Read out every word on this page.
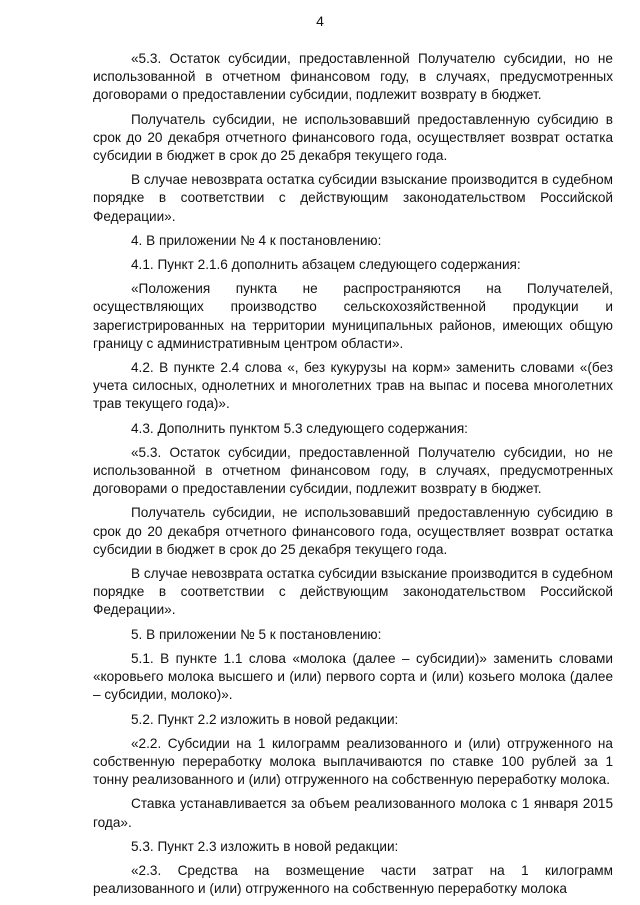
4

«5.3. Остаток субсидии, предоставленной Получателю субсидии, но не использованной в отчетном финансовом году, в случаях, предусмотренных договорами о предоставлении субсидии, подлежит возврату в бюджет.

Получатель субсидии, не использовавший предоставленную субсидию в срок до 20 декабря отчетного финансового года, осуществляет возврат остатка субсидии в бюджет в срок до 25 декабря текущего года.

В случае невозврата остатка субсидии взыскание производится в судебном порядке в соответствии с действующим законодательством Российской Федерации».

4. В приложении № 4 к постановлению:

4.1. Пункт 2.1.6 дополнить абзацем следующего содержания:

«Положения пункта не распространяются на Получателей, осуществляющих производство сельскохозяйственной продукции и зарегистрированных на территории муниципальных районов, имеющих общую границу с административным центром области».

4.2. В пункте 2.4 слова «, без кукурузы на корм» заменить словами «(без учета силосных, однолетних и многолетних трав на выпас и посева многолетних трав текущего года)».

4.3. Дополнить пунктом 5.3 следующего содержания:

«5.3. Остаток субсидии, предоставленной Получателю субсидии, но не использованной в отчетном финансовом году, в случаях, предусмотренных договорами о предоставлении субсидии, подлежит возврату в бюджет.

Получатель субсидии, не использовавший предоставленную субсидию в срок до 20 декабря отчетного финансового года, осуществляет возврат остатка субсидии в бюджет в срок до 25 декабря текущего года.

В случае невозврата остатка субсидии взыскание производится в судебном порядке в соответствии с действующим законодательством Российской Федерации».

5. В приложении № 5 к постановлению:

5.1. В пункте 1.1 слова «молока (далее – субсидии)» заменить словами «коровьего молока высшего и (или) первого сорта и (или) козьего молока (далее – субсидии, молоко)».

5.2. Пункт 2.2 изложить в новой редакции:

«2.2. Субсидии на 1 килограмм реализованного и (или) отгруженного на собственную переработку молока выплачиваются по ставке 100 рублей за 1 тонну реализованного и (или) отгруженного на собственную переработку молока.

Ставка устанавливается за объем реализованного молока с 1 января 2015 года».

5.3. Пункт 2.3 изложить в новой редакции:

«2.3. Средства на возмещение части затрат на 1 килограмм реализованного и (или) отгруженного на собственную переработку молока
